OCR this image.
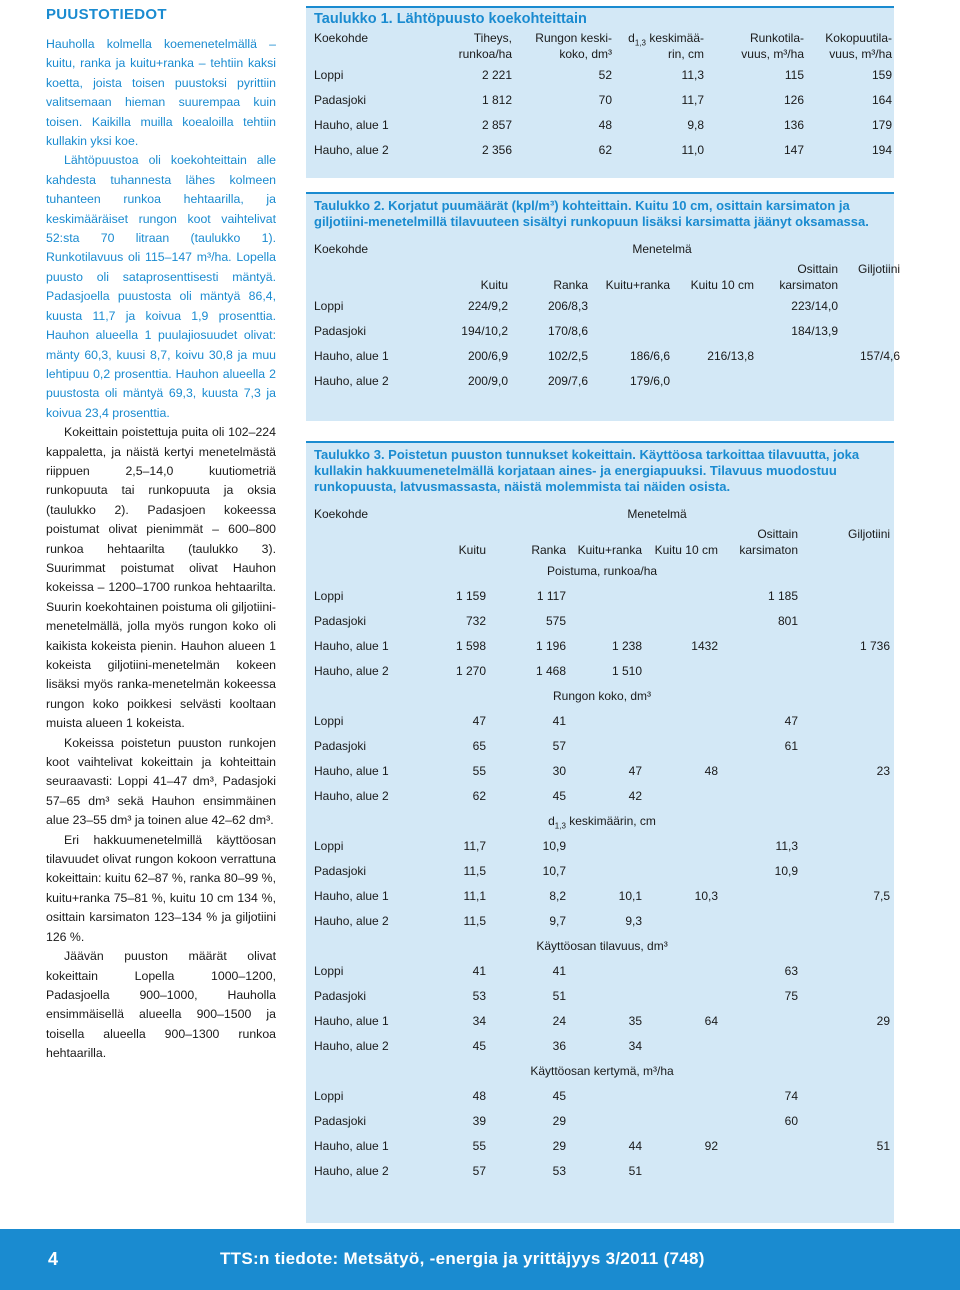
PUUSTOTIEDOT

Hauholla kolmella koemenetelmällä – kuitu, ranka ja kuitu+ranka – tehtiin kaksi koetta, joista toisen puustoksi pyrittiin valitsemaan hieman suurempaa kuin toisen. Kaikilla muilla koealoilla tehtiin kullakin yksi koe.

Lähtöpuustoa oli koekohteittain alle kahdesta tuhannesta lähes kolmeen tuhanteen runkoa hehtaarilla, ja keskimääräiset rungon koot vaihtelivat 52:sta 70 litraan (taulukko 1). Runkotilavuus oli 115–147 m³/ha. Lopella puusto oli sataprosenttisesti mäntyä. Padasjoella puustosta oli mäntyä 86,4, kuusta 11,7 ja koivua 1,9 prosenttia. Hauhon alueella 1 puulajiosuudet olivat: mänty 60,3, kuusi 8,7, koivu 30,8 ja muu lehtipuu 0,2 prosenttia. Hauhon alueella 2 puustosta oli mäntyä 69,3, kuusta 7,3 ja koivua 23,4 prosenttia.

Kokeittain poistettuja puita oli 102–224 kappaletta, ja näistä kertyi menetelmästä riippuen 2,5–14,0 kuutiometriä runkopuuta tai runkopuuta ja oksia (taulukko 2). Padasjoen kokeessa poistumat olivat pienimmät – 600–800 runkoa hehtaarilta (taulukko 3). Suurimmat poistumat olivat Hauhon kokeissa – 1200–1700 runkoa hehtaarilta. Suurin koekohtainen poistuma oli giljotiini-menetelmällä, jolla myös rungon koko oli kaikista kokeista pienin. Hauhon alueen 1 kokeista giljotiini-menetelmän kokeen lisäksi myös ranka-menetelmän kokeessa rungon koko poikkesi selvästi kooltaan muista alueen 1 kokeista.

Kokeissa poistetun puuston runkojen koot vaihtelivat kokeittain ja kohteittain seuraavasti: Loppi 41–47 dm³, Padasjoki 57–65 dm³ sekä Hauhon ensimmäinen alue 23–55 dm³ ja toinen alue 42–62 dm³.

Eri hakkuumenetelmillä käyttöosan tilavuudet olivat rungon kokoon verrattuna kokeittain: kuitu 62–87 %, ranka 80–99 %, kuitu+ranka 75–81 %, kuitu 10 cm 134 %, osittain karsimaton 123–134 % ja giljotiini 126 %.

Jäävän puuston määrät olivat kokeittain Lopella 1000–1200, Padasjoella 900–1000, Hauholla ensimmäisellä alueella 900–1500 ja toisella alueella 900–1300 runkoa hehtaarilla.

Taulukko 1. Lähtöpuusto koekohteittain
Koekohde	Tiheys,
runkoa/ha	Rungon keski-
koko, dm³	$d_{1,3}$ keskimää-
rin, cm	Runkotila-
vuus, m³/ha	Kokopuutila-
vuus, m³/ha
Loppi	2 221	52	11,3	115	159
Padasjoki	1 812	70	11,7	126	164
Hauho, alue 1	2 857	48	9,8	136	179
Hauho, alue 2	2 356	62	11,0	147	194
Taulukko 2. Korjatut puumäärät (kpl/m³) kohteittain. Kuitu 10 cm, osittain karsimaton ja giljotiini-menetelmillä tilavuuteen sisältyi runkopuun lisäksi karsimatta jäänyt oksamassa.
Koekohde	Menetelmä					
	Kuitu	Ranka	Kuitu+ranka	Kuitu 10 cm	Osittain
karsimaton	Giljotiini
Loppi	224/9,2	206/8,3			223/14,0	
Padasjoki	194/10,2	170/8,6			184/13,9	
Hauho, alue 1	200/6,9	102/2,5	186/6,6	216/13,8		157/4,6
Hauho, alue 2	200/9,0	209/7,6	179/6,0			
Taulukko 3. Poistetun puuston tunnukset kokeittain. Käyttöosa tarkoittaa tilavuutta, joka kullakin hakkuumenetelmällä korjataan aines- ja energiapuuksi. Tilavuus muodostuu runkopuusta, latvusmassasta, näistä molemmista tai näiden osista.
Koekohde	Menetelmä					
	Kuitu	Ranka	Kuitu+ranka	Kuitu 10 cm	Osittain
karsimaton	Giljotiini
Poistuma, runkoa/ha						
Loppi	1 159	1 117			1 185	
Padasjoki	732	575			801	
Hauho, alue 1	1 598	1 196	1 238	1432		1 736
Hauho, alue 2	1 270	1 468	1 510			
Rungon koko, dm³						
Loppi	47	41			47	
Padasjoki	65	57			61	
Hauho, alue 1	55	30	47	48		23
Hauho, alue 2	62	45	42			
$d_{1,3}$ keskimäärin, cm						
Loppi	11,7	10,9			11,3	
Padasjoki	11,5	10,7			10,9	
Hauho, alue 1	11,1	8,2	10,1	10,3		7,5
Hauho, alue 2	11,5	9,7	9,3			
Käyttöosan tilavuus, dm³						
Loppi	41	41			63	
Padasjoki	53	51			75	
Hauho, alue 1	34	24	35	64		29
Hauho, alue 2	45	36	34			
Käyttöosan kertymä, m³/ha						
Loppi	48	45			74	
Padasjoki	39	29			60	
Hauho, alue 1	55	29	44	92		51
Hauho, alue 2	57	53	51			
4	TTS:n tiedote: Metsätyö, -energia ja yrittäjyys 3/2011 (748)
